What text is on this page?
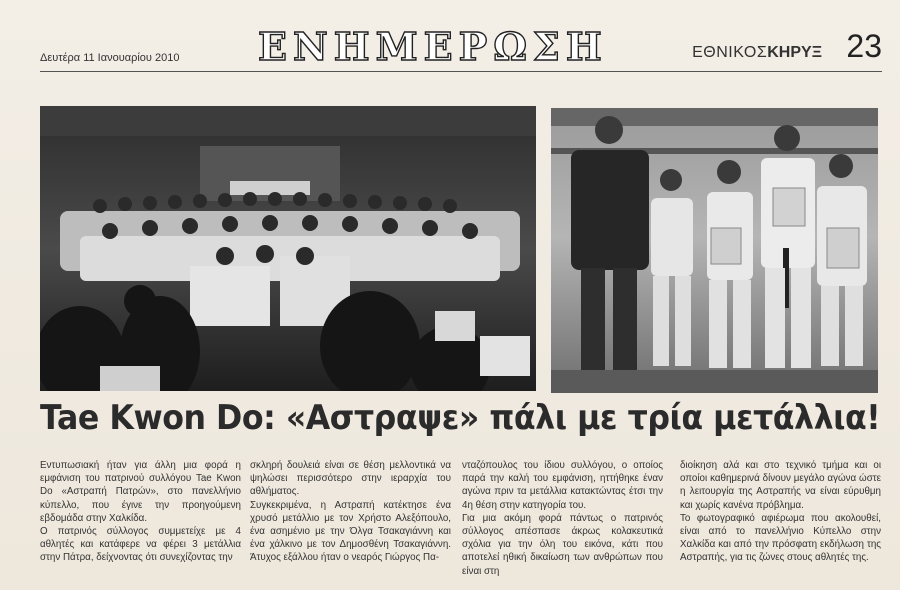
Δευτέρα 11 Ιανουαρίου 2010 ΕΝΗΜΕΡΩΣΗ	ΕΘΝΙΚΟΣΚΗΡΥΞ 23
Tae Kwon Do: «Αστραψε» πάλι με τρία μετάλλια!

Εντυπωσιακή ήταν για άλλη μια φορά η εμφάνιση του πατρινού συλλόγου Tae Kwon Do «Αστραπή Πατρών», στο πανελλήνιο κύπελλο, που έγινε την προηγούμενη εβδομάδα στην Χαλκίδα.

Ο πατρινός σύλλογος συμμετείχε με 4 αθλητές και κατάφερε να φέρει 3 μετάλλια στην Πάτρα, δείχνοντας ότι συνεχίζοντας την

σκληρή δουλειά είναι σε θέση μελλοντικά να ψηλώσει περισσότερο στην ιεραρχία του αθλήματος.

Συγκεκριμένα, η Αστραπή κατέκτησε ένα χρυσό μετάλλιο με τον Χρήστο Αλεξόπουλο, ένα ασημένιο με την Όλγα Τσακαγιάννη και ένα χάλκινο με τον Δημοσθένη Τσακαγιάννη. Άτυχος εξάλλου ήταν ο νεαρός Γιώργος Πα-

νταζόπουλος του ίδιου συλλόγου, ο οποίος παρά την καλή του εμφάνιση, ηττήθηκε έναν αγώνα πριν τα μετάλλια κατακτώντας έτσι την 4η θέση στην κατηγορία του.

Για μια ακόμη φορά πάντως ο πατρινός σύλλογος απέσπασε άκρως κολακευτικά σχόλια για την όλη του εικόνα, κάτι που αποτελεί ηθική δικαίωση των ανθρώπων που είναι στη

διοίκηση αλά και στο τεχνικό τμήμα και οι οποίοι καθημερινά δίνουν μεγάλο αγώνα ώστε η λειτουργία της Αστραπής να είναι εύρυθμη και χωρίς κανένα πρόβλημα.

Το φωτογραφικό αφιέρωμα που ακολουθεί, είναι από το πανελλήνιο Κύπελλο στην Χαλκίδα και από την πρόσφατη εκδήλωση της Αστραπής, για τις ζώνες στους αθλητές της.
